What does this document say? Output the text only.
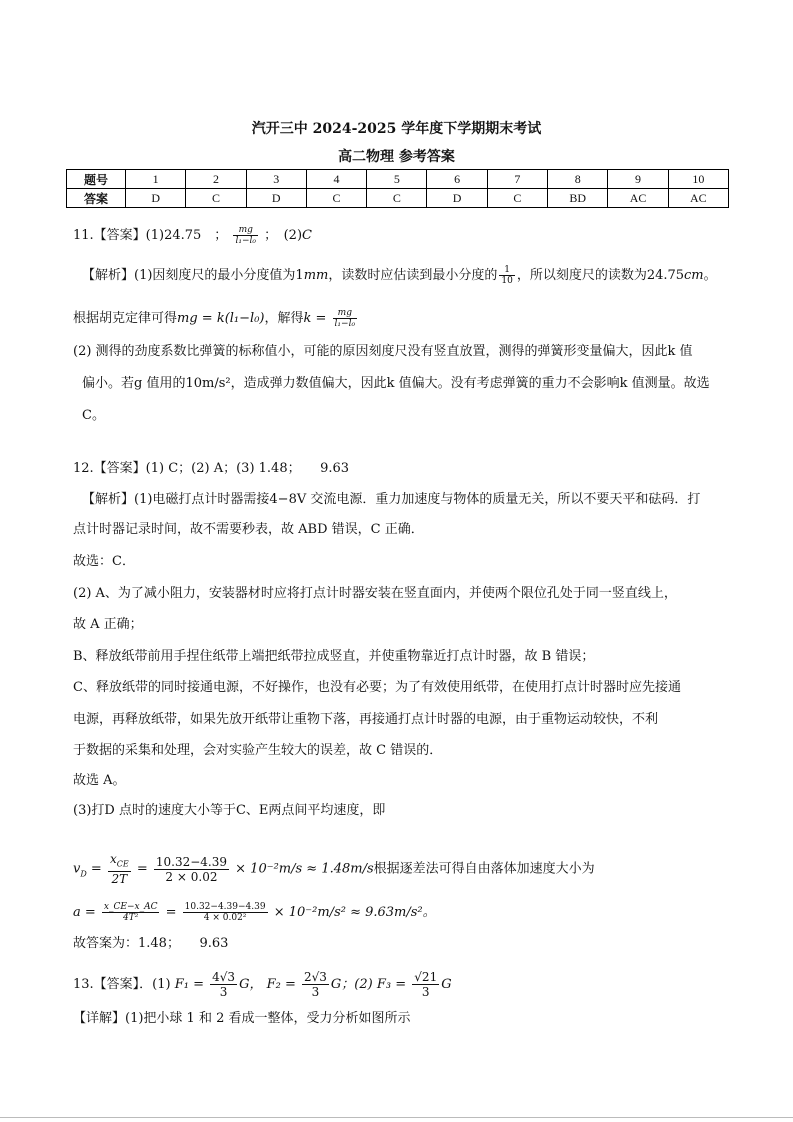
汽开三中 2024-2025 学年度下学期期末考试
高二物理 参考答案
题号	1	2	3	4	5	6	7	8	9	10
答案	D	C	D	C	C	D	C	BD	AC	AC
11.【答案】(1)24.75　； $\frac{mg}{\text{l₁−l₀}}$ ；　(2)C
【解析】(1)因刻度尺的最小分度值为1mm，读数时应估读到最小分度的 $\frac{1}{10}$ ，所以刻度尺的读数为24.75cm。
根据胡克定律可得mg = k(l₁−l₀)，解得$k = \frac{mg}{\text{l₁−l₀}}$
(2) 测得的劲度系数比弹簧的标称值小，可能的原因刻度尺没有竖直放置，测得的弹簧形变量偏大，因此k 值
偏小。若g 值用的10m/s²，造成弹力数值偏大，因此k 值偏大。没有考虑弹簧的重力不会影响k 值测量。故选
C。
12.【答案】(1) C；(2) A；(3) 1.48；　　9.63
【解析】(1)电磁打点计时器需接4−8V 交流电源．重力加速度与物体的质量无关，所以不要天平和砝码．打
点计时器记录时间，故不需要秒表，故 ABD 错误，C 正确．
故选：C．
(2) A、为了减小阻力，安装器材时应将打点计时器安装在竖直面内，并使两个限位孔处于同一竖直线上，
故 A 正确；
B、释放纸带前用手捏住纸带上端把纸带拉成竖直，并使重物靠近打点计时器，故 B 错误；
C、释放纸带的同时接通电源，不好操作，也没有必要；为了有效使用纸带，在使用打点计时器时应先接通
电源，再释放纸带，如果先放开纸带让重物下落，再接通打点计时器的电源，由于重物运动较快，不利
于数据的采集和处理，会对实验产生较大的误差，故 C 错误的．
故选 A。
(3)打D 点时的速度大小等于C、E两点间平均速度，即
$v_D = \frac{x_{CE}}{2T} = \frac{10.32-4.39}{2 \times 0.02} \times 10^{-2}m/s \approx 1.48m/s$根据逐差法可得自由落体加速度大小为
$a = \frac{x\_CE-x\_AC}{\text{4T²}} = \frac{10.32-4.39-4.39}{\text{4 × 0.02²}} \times 10^{-2}m/s^2 \approx 9.63m/s^2$。
故答案为：1.48；　　9.63
13.【答案】．(1) $F_1 = \frac{4√3}{3}$ G， $F_2 = \frac{2√3}{3}$ G；(2) $F_3 = \frac{√21}{3}$ G
【详解】(1)把小球 1 和 2 看成一整体，受力分析如图所示
